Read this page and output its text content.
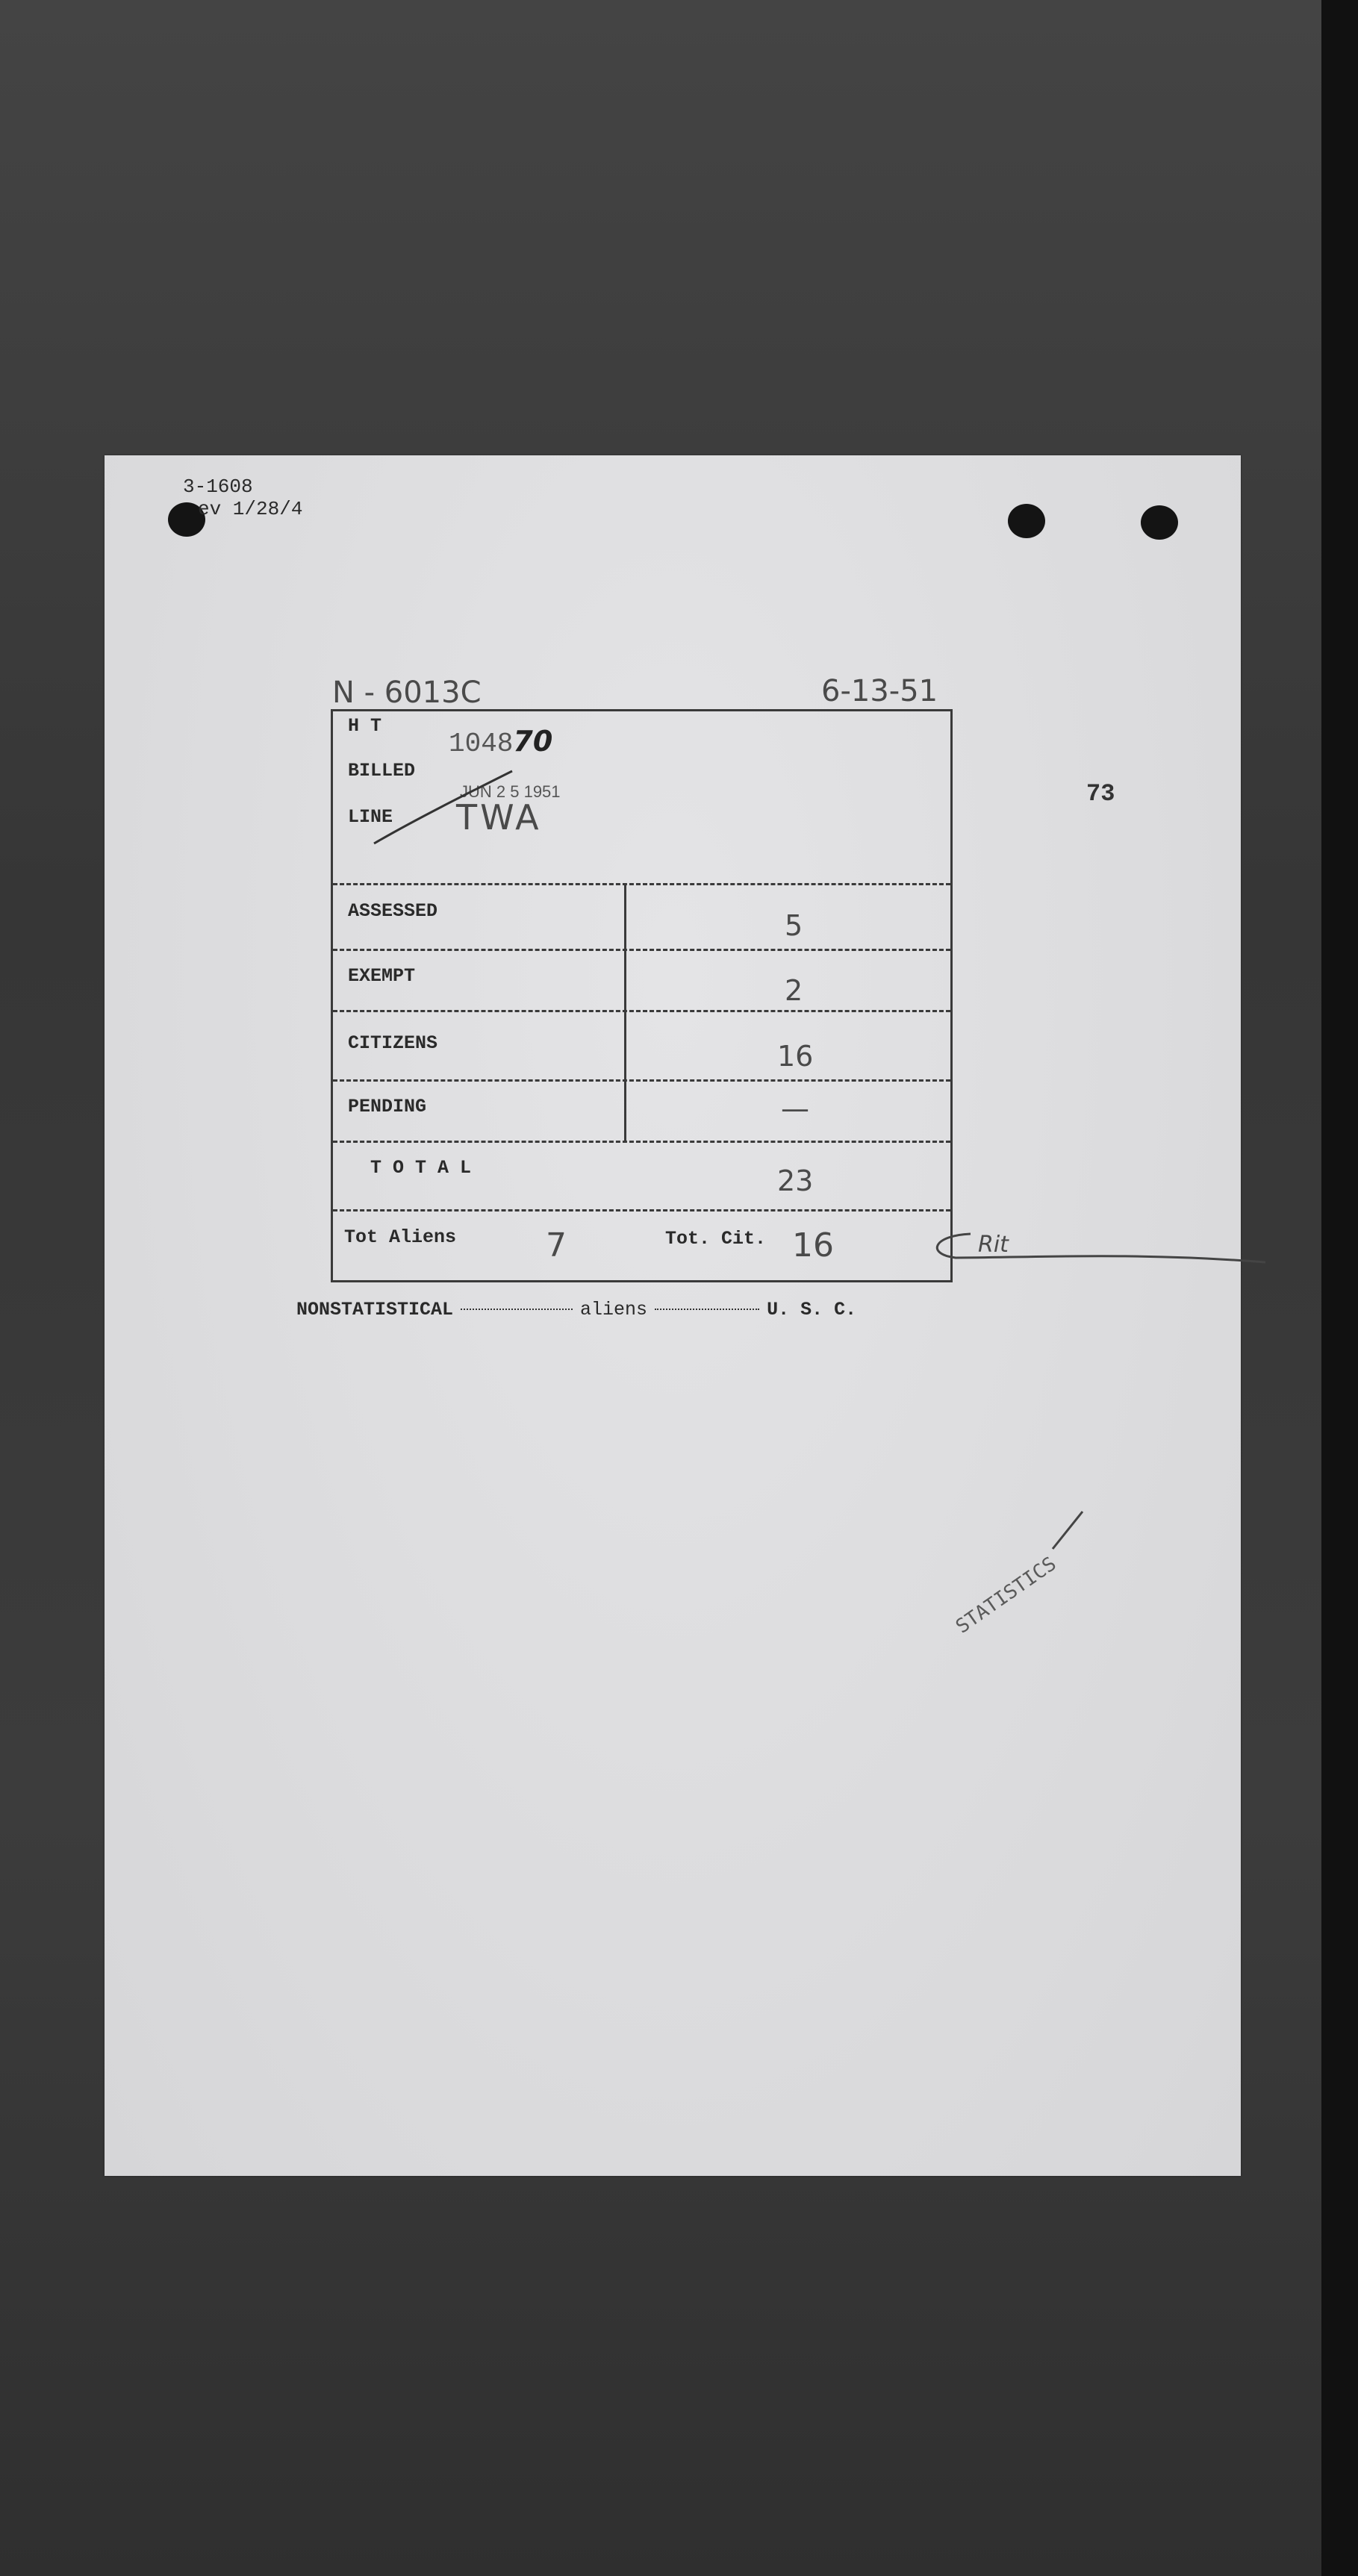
3-1608
ev 1/28/4
N - 6013C	6-13-51
73
H T
104870
BILLED
LINE
JUN 2 5 1951
TWA
ASSESSED	5
EXEMPT	2
CITIZENS	16
PENDING	—
T O T A L	23
Tot Aliens	7	Tot. Cit. 16	Rit
NONSTATISTICAL	aliens	U. S. C.
STATISTICS
